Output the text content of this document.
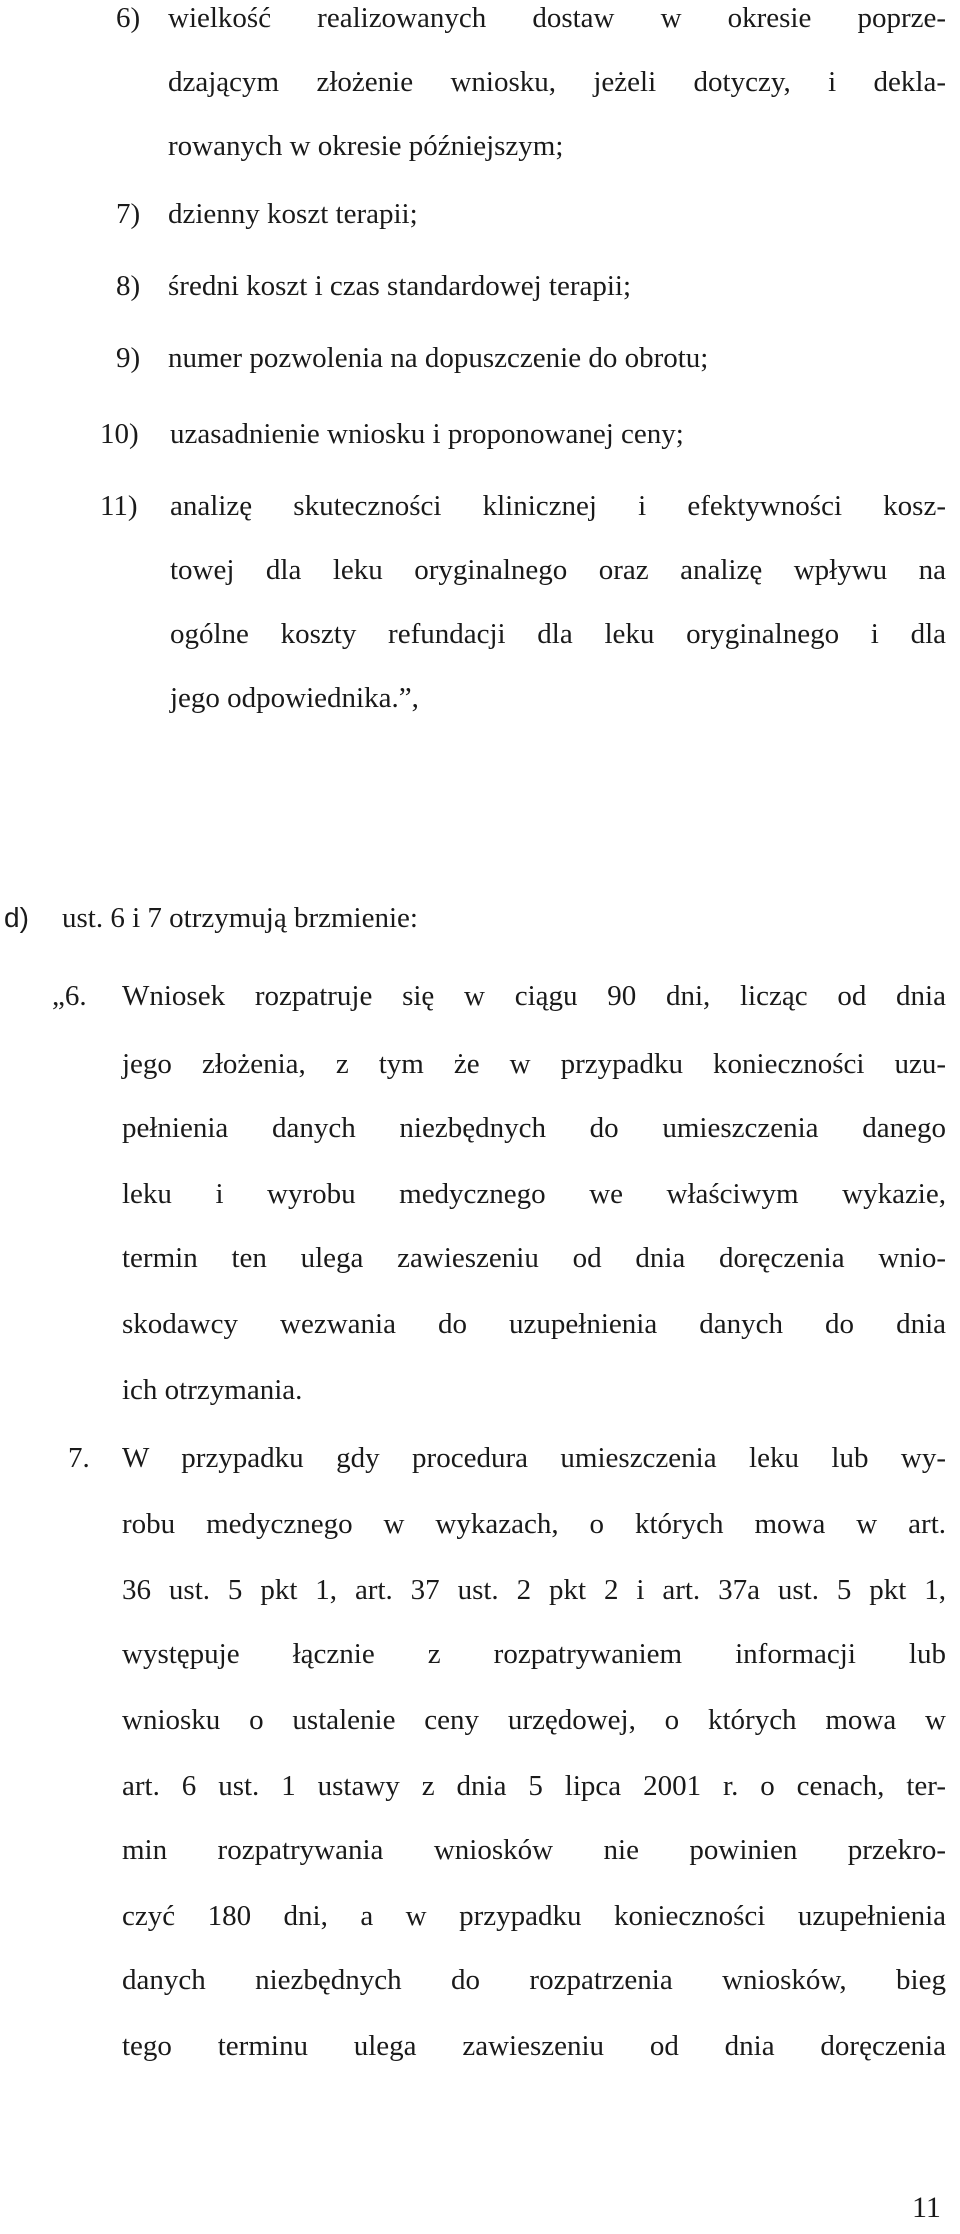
6) wielkość realizowanych dostaw w okresie poprze-
dzającym złożenie wniosku, jeżeli dotyczy, i dekla-
rowanych w okresie późniejszym;
7) dzienny koszt terapii;
8) średni koszt i czas standardowej terapii;
9) numer pozwolenia na dopuszczenie do obrotu;
10) uzasadnienie wniosku i proponowanej ceny;
11) analizę skuteczności klinicznej i efektywności kosz-
towej dla leku oryginalnego oraz analizę wpływu na
ogólne koszty refundacji dla leku oryginalnego i dla
jego odpowiednika.”,
d) ust. 6 i 7 otrzymują brzmienie:
„6. Wniosek rozpatruje się w ciągu 90 dni, licząc od dnia
jego złożenia, z tym że w przypadku konieczności uzu-
pełnienia danych niezbędnych do umieszczenia danego
leku i wyrobu medycznego we właściwym wykazie,
termin ten ulega zawieszeniu od dnia doręczenia wnio-
skodawcy wezwania do uzupełnienia danych do dnia
ich otrzymania.
7. W przypadku gdy procedura umieszczenia leku lub wy-
robu medycznego w wykazach, o których mowa w art.
36 ust. 5 pkt 1, art. 37 ust. 2 pkt 2 i art. 37a ust. 5 pkt 1,
występuje łącznie z rozpatrywaniem informacji lub
wniosku o ustalenie ceny urzędowej, o których mowa w
art. 6 ust. 1 ustawy z dnia 5 lipca 2001 r. o cenach, ter-
min rozpatrywania wniosków nie powinien przekro-
czyć 180 dni, a w przypadku konieczności uzupełnienia
danych niezbędnych do rozpatrzenia wniosków, bieg
tego terminu ulega zawieszeniu od dnia doręczenia
11
